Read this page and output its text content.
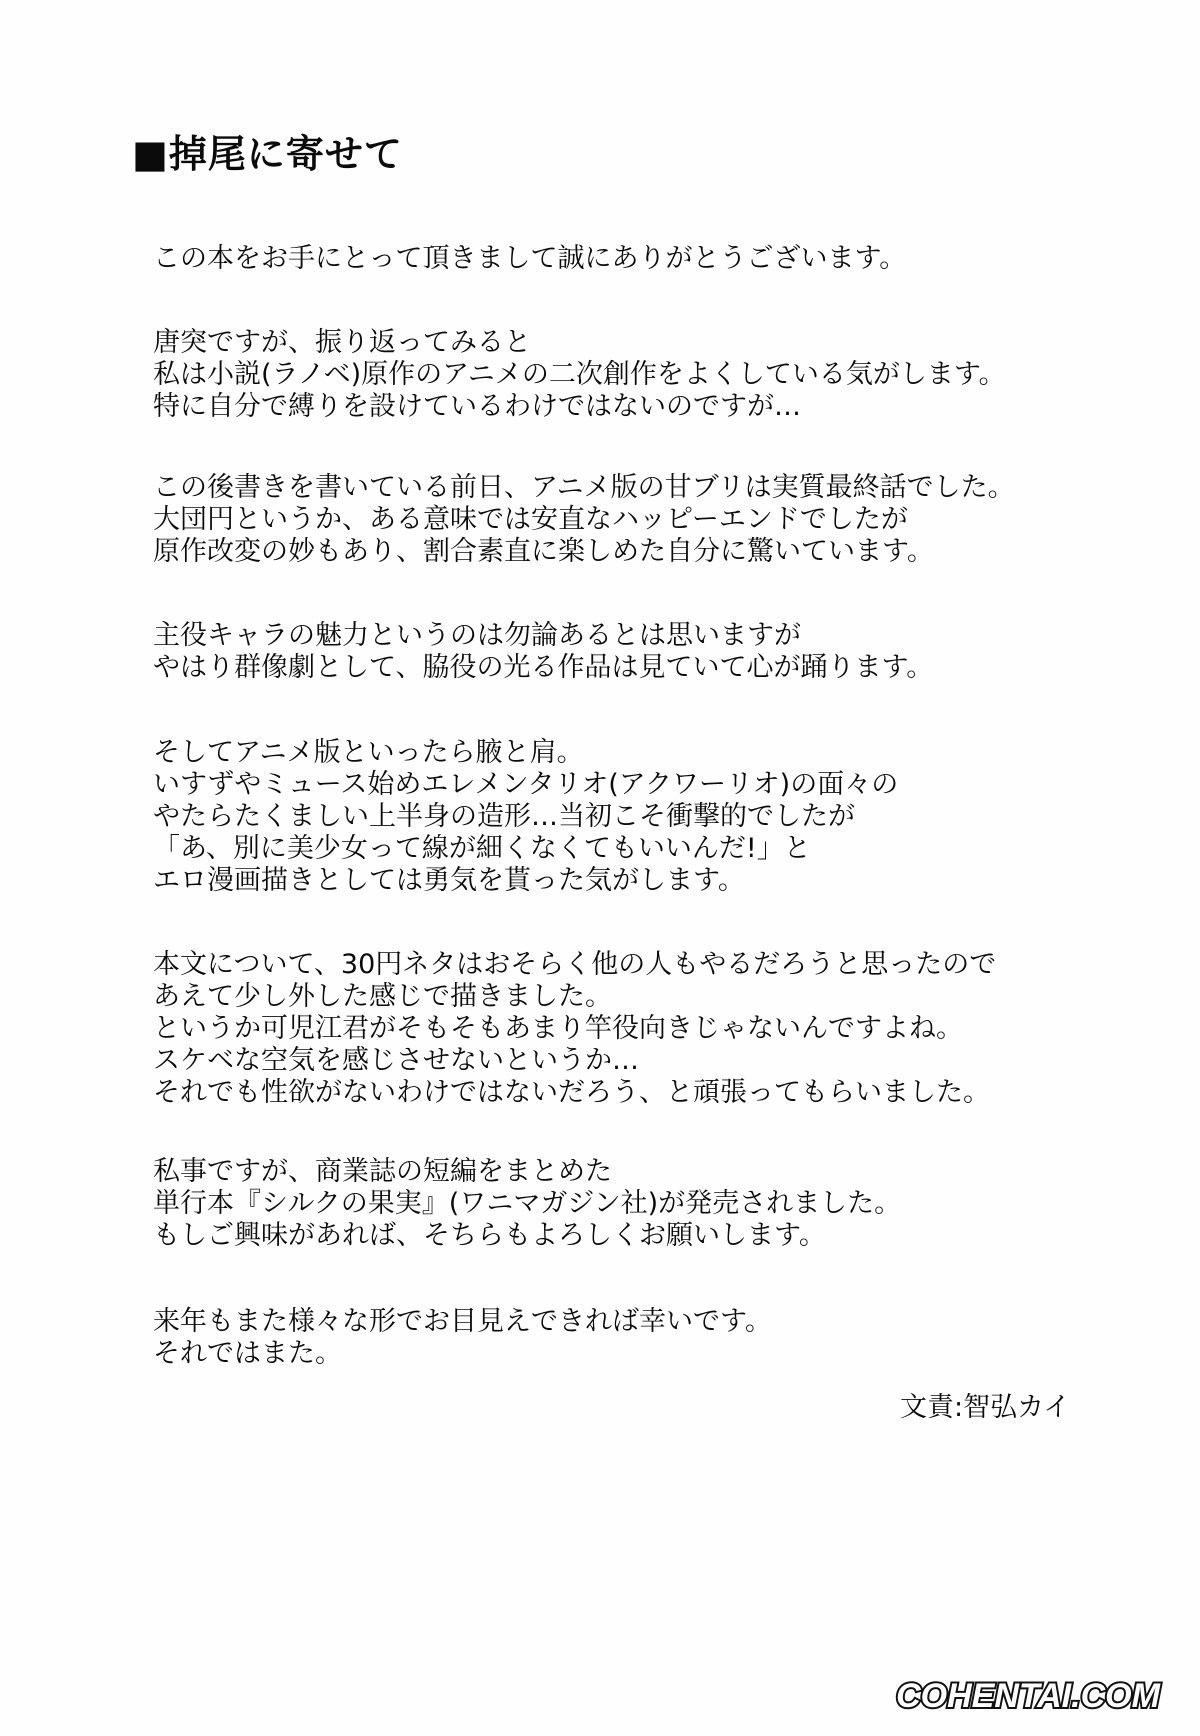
■掉尾に寄せて
この本をお手にとって頂きまして誠にありがとうございます。
唐突ですが、振り返ってみると
私は小説(ラノベ)原作のアニメの二次創作をよくしている気がします。
特に自分で縛りを設けているわけではないのですが…
この後書きを書いている前日、アニメ版の甘ブリは実質最終話でした。
大団円というか、ある意味では安直なハッピーエンドでしたが
原作改変の妙もあり、割合素直に楽しめた自分に驚いています。
主役キャラの魅力というのは勿論あるとは思いますが
やはり群像劇として、脇役の光る作品は見ていて心が踊ります。
そしてアニメ版といったら腋と肩。
いすずやミュース始めエレメンタリオ(アクワーリオ)の面々の
やたらたくましい上半身の造形…当初こそ衝撃的でしたが
「あ、別に美少女って線が細くなくてもいいんだ!」と
エロ漫画描きとしては勇気を貰った気がします。
本文について、30円ネタはおそらく他の人もやるだろうと思ったので
あえて少し外した感じで描きました。
というか可児江君がそもそもあまり竿役向きじゃないんですよね。
スケベな空気を感じさせないというか…
それでも性欲がないわけではないだろう、と頑張ってもらいました。
私事ですが、商業誌の短編をまとめた
単行本『シルクの果実』(ワニマガジン社)が発売されました。
もしご興味があれば、そちらもよろしくお願いします。
来年もまた様々な形でお目見えできれば幸いです。
それではまた。
文責:智弘カイ
COHENTAI.COM
